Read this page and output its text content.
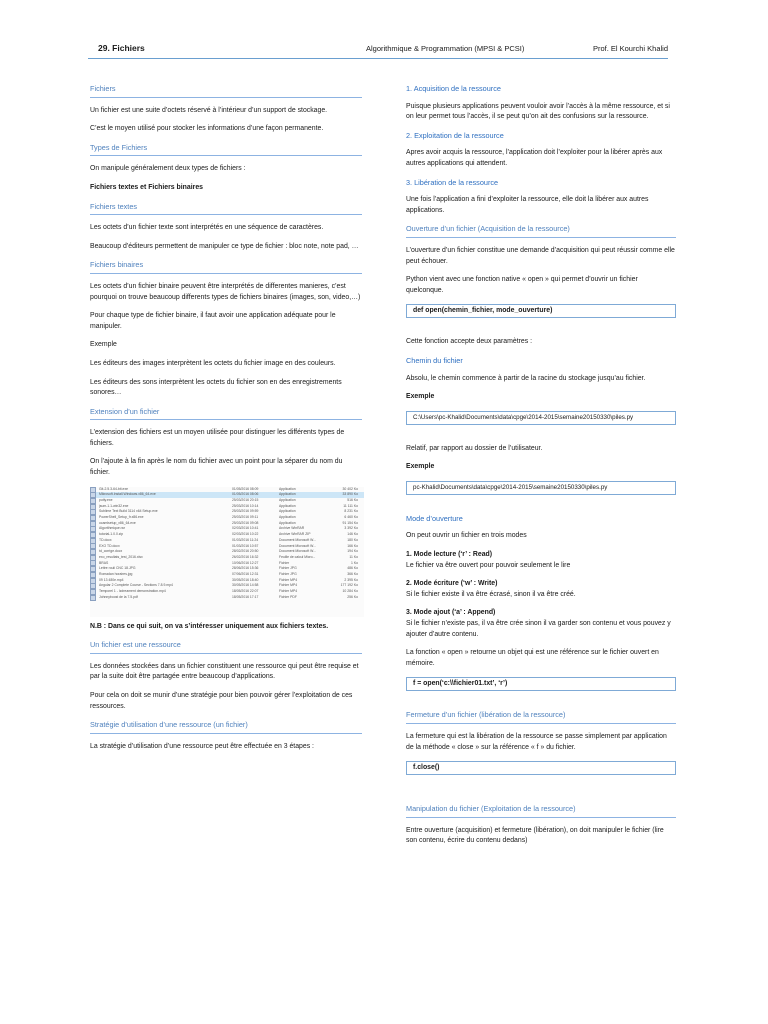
29. Fichiers	Algorithmique & Programmation (MPSI & PCSI)	Prof. El Kourchi Khalid
Fichiers

Un fichier est une suite d’octets réservé à l’intérieur d’un support de stockage.

C’est le moyen utilisé pour stocker les informations d’une façon permanente.

Types de Fichiers

On manipule généralement deux types de fichiers :

Fichiers textes et Fichiers binaires

Fichiers textes

Les octets d’un fichier texte sont interprétés en une séquence de caractères.

Beaucoup d’éditeurs permettent de manipuler ce type de fichier : bloc note, note pad, …

Fichiers binaires

Les octets d’un fichier binaire peuvent être interprétés de differentes manieres, c’est pourquoi on trouve beaucoup differents types de fichiers binaires (images, son, video,…)

Pour chaque type de fichier binaire, il faut avoir une application adéquate pour le manipuler.

Exemple

Les éditeurs des images interprètent les octets du fichier image en des couleurs.

Les éditeurs des sons interprètent les octets du fichier son en des enregistrements sonores…

Extension d’un fichier

L’extension des fichiers est un moyen utilisée pour distinguer les différents types de fichiers.

On l’ajoute à la fin après le nom du fichier avec un point pour la séparer du nom du fichier.

Git-2.5.3-64-bit.exe	01/05/2016 08:09	Application	30 402 Ko
Mikrosoft.Install.Windows.x86_64.exe	01/05/2016 08:06	Application	33 890 Ko
putty.exe	25/03/2016 20:15	Application	516 Ko
jsum-1.1-win32.exe	25/03/2016 10:14	Application	11 111 Ko
Sublime Text Build 3114 x64 Setup.exe	25/03/2016 09:59	Application	8 231 Ko
PowerShell_Setup_fr.x86.exe	25/03/2016 09:11	Application	6 460 Ko
ocamlsetup_x86_64.exe	25/03/2016 09:08	Application	91 154 Ko
Algorithmique.rar	02/03/2016 10:41	Archive WinRAR	3 392 Ko
tutorial-1.0.0.zip	02/03/2016 10:22	Archive WinRAR ZIP	146 Ko
TD.docx	01/03/2016 11:24	Document Microsoft W...	180 Ko
EXO TD.docx	01/03/2016 10:57	Document Microsoft W...	166 Ko
td_corrige.docx	28/02/2016 20:50	Document Microsoft W...	194 Ko
exo_resultats_test_2016.xlsx	26/02/2016 16:32	Feuille de calcul Micro...	11 Ko
BRAS	10/06/2016 12:27	Fichier	1 Ko
Lettre rouli CNC 18.JPG	28/06/2016 15:36	Fichier JPG	486 Ko
Romadan horaires.jpg	07/06/2016 12:31	Fichier JPG	366 Ko
09 13 480e.mp4	30/05/2016 18:40	Fichier MP4	2 395 Ko
Angular 2 Complete Course - Sections 7.8.9.mp4	30/05/2016 14:58	Fichier MP4	177 192 Ko
Temporel 1 - Izdreament demonstration.mp4	18/05/2016 22:07	Fichier MP4	10 284 Ko
Johnnyboost de la 7.5.pdf	18/05/2016 17:17	Fichier PDF	256 Ko

N.B : Dans ce qui suit, on va s’intéresser uniquement aux fichiers textes.

Un fichier est une ressource

Les données stockées dans un fichier constituent une ressource qui peut être requise et par la suite doit être partagée entre beaucoup d’applications.

Pour cela on doit se munir d’une stratégie pour bien pouvoir gérer l’exploitation de ces ressources.

Stratégie d’utilisation d’une ressource (un fichier)

La stratégie d’utilisation d’une ressource peut être effectuée en 3 étapes :

1. Acquisition de la ressource

Puisque plusieurs applications peuvent vouloir avoir l’accès à la même ressource, et si on leur permet tous l’accès, il se peut qu’on ait des confusions sur la ressource.

2. Exploitation de la ressource

Apres avoir acquis la ressource, l’application doit l’exploiter pour la libérer après aux autres applications qui attendent.

3. Libération de la ressource

Une fois l’application a fini d’exploiter la ressource, elle doit la libérer aux autres applications.

Ouverture d’un fichier (Acquisition de la ressource)

L’ouverture d’un fichier constitue une demande d’acquisition qui peut réussir comme elle peut échouer.

Python vient avec une fonction native « open » qui permet d’ouvrir un fichier quelconque.

def open(chemin_fichier, mode_ouverture)

Cette fonction accepte deux paramètres :

Chemin du fichier

Absolu, le chemin commence à partir de la racine du stockage jusqu’au fichier.

Exemple

C:\Users\pc-Khalid\Documents\data\cpge\2014-2015\semaine20150330\piles.py

Relatif, par rapport au dossier de l’utilisateur.

Exemple

pc-Khalid\Documents\data\cpge\2014-2015\semaine20150330\piles.py
Mode d’ouverture

On peut ouvrir un fichier en trois modes

1. Mode lecture (‘r’ : Read)

Le fichier va être ouvert pour pouvoir seulement le lire

2. Mode écriture (‘w’ : Write)

Si le fichier existe il va être écrasé, sinon il va être créé.

3. Mode ajout (‘a’ : Append)

Si le fichier n’existe pas, il va être crée sinon il va garder son contenu et vous pouvez y ajouter d’autre contenu.

La fonction « open » retourne un objet qui est une référence sur le fichier ouvert en mémoire.

f = open(‘c:\\fichier01.txt’, ‘r’)
Fermeture d’un fichier (libération de la ressource)

La fermeture qui est la libération de la ressource se passe simplement par application de la méthode « close » sur la référence « f » du fichier.

f.close()
Manipulation du fichier (Exploitation de la ressource)

Entre ouverture (acquisition) et fermeture (libération), on doit manipuler le fichier (lire son contenu, écrire du contenu dedans)
